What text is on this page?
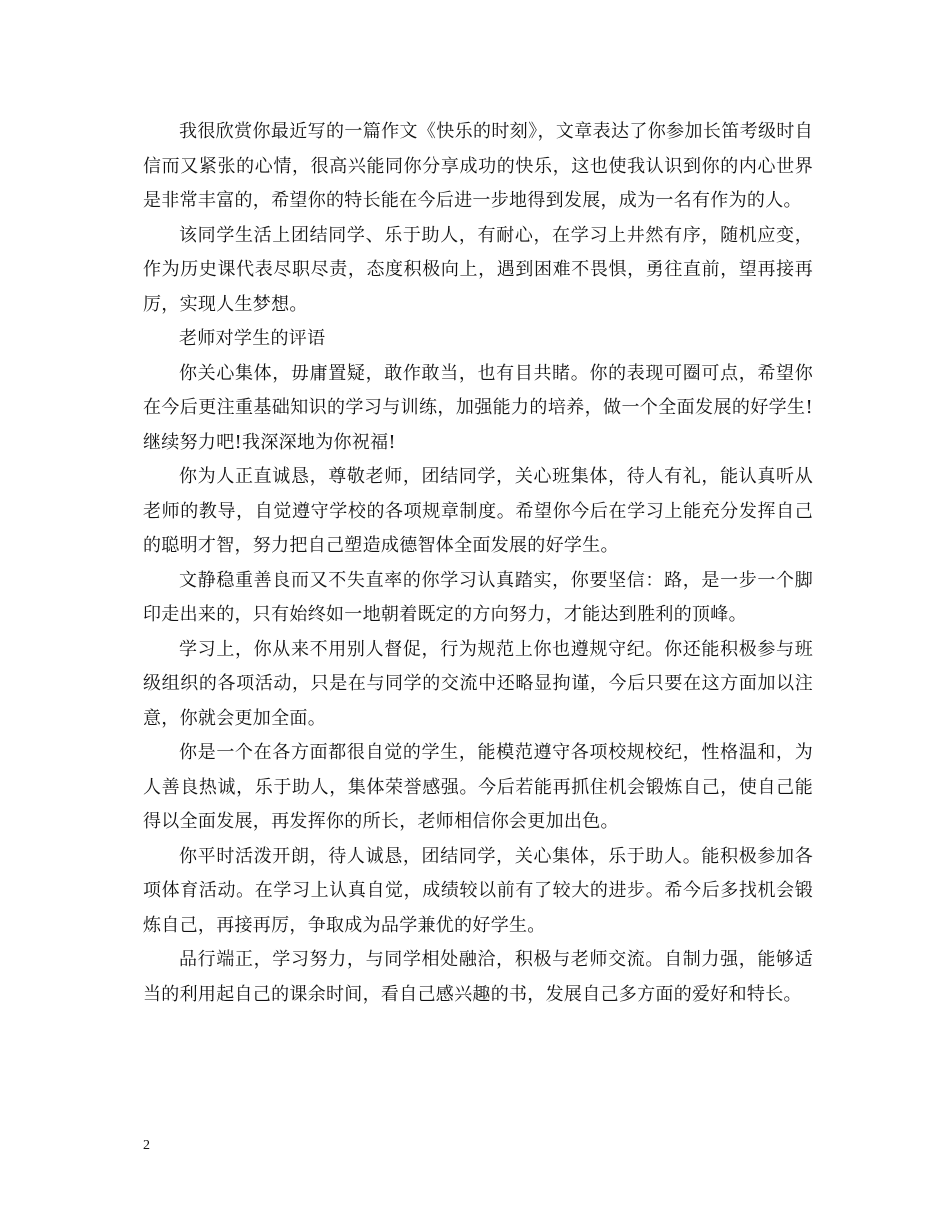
我很欣赏你最近写的一篇作文《快乐的时刻》，文章表达了你参加长笛考级时自信而又紧张的心情，很高兴能同你分享成功的快乐，这也使我认识到你的内心世界是非常丰富的，希望你的特长能在今后进一步地得到发展，成为一名有作为的人。

该同学生活上团结同学、乐于助人，有耐心，在学习上井然有序，随机应变，作为历史课代表尽职尽责，态度积极向上，遇到困难不畏惧，勇往直前，望再接再厉，实现人生梦想。

老师对学生的评语

你关心集体，毋庸置疑，敢作敢当，也有目共睹。你的表现可圈可点，希望你在今后更注重基础知识的学习与训练，加强能力的培养，做一个全面发展的好学生!继续努力吧!我深深地为你祝福!

你为人正直诚恳，尊敬老师，团结同学，关心班集体，待人有礼，能认真听从老师的教导，自觉遵守学校的各项规章制度。希望你今后在学习上能充分发挥自己的聪明才智，努力把自己塑造成德智体全面发展的好学生。

文静稳重善良而又不失直率的你学习认真踏实，你要坚信：路，是一步一个脚印走出来的，只有始终如一地朝着既定的方向努力，才能达到胜利的顶峰。

学习上，你从来不用别人督促，行为规范上你也遵规守纪。你还能积极参与班级组织的各项活动，只是在与同学的交流中还略显拘谨，今后只要在这方面加以注意，你就会更加全面。

你是一个在各方面都很自觉的学生，能模范遵守各项校规校纪，性格温和，为人善良热诚，乐于助人，集体荣誉感强。今后若能再抓住机会锻炼自己，使自己能得以全面发展，再发挥你的所长，老师相信你会更加出色。

你平时活泼开朗，待人诚恳，团结同学，关心集体，乐于助人。能积极参加各项体育活动。在学习上认真自觉，成绩较以前有了较大的进步。希今后多找机会锻炼自己，再接再厉，争取成为品学兼优的好学生。

品行端正，学习努力，与同学相处融洽，积极与老师交流。自制力强，能够适当的利用起自己的课余时间，看自己感兴趣的书，发展自己多方面的爱好和特长。

2
